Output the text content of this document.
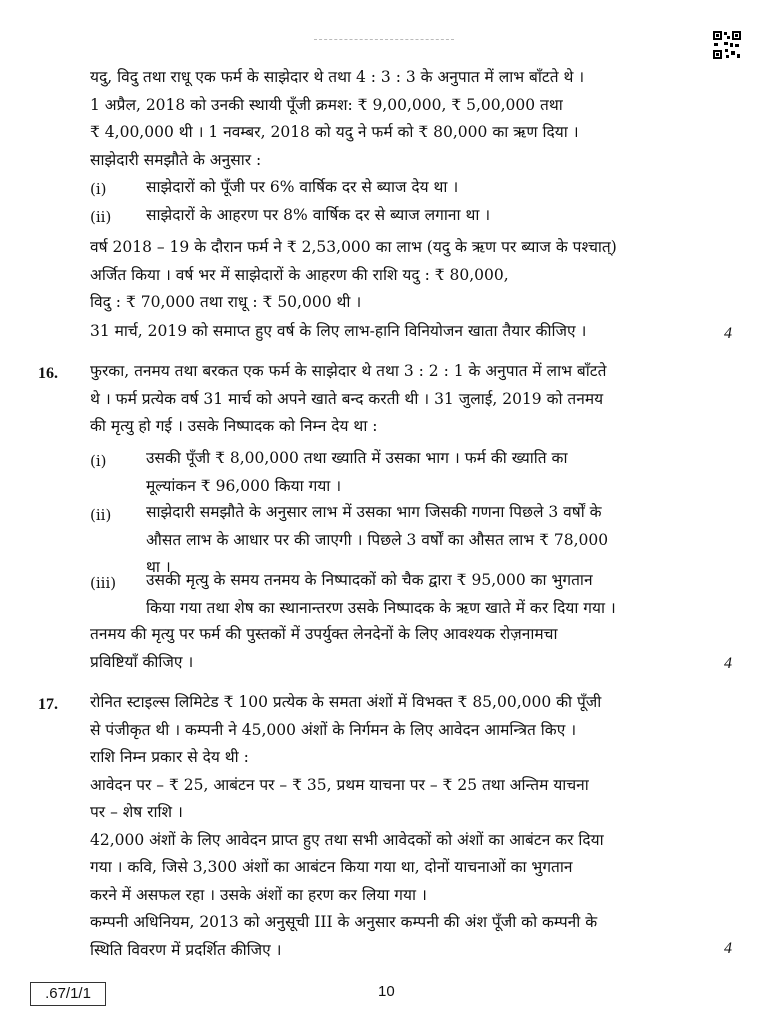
यदु, विदु तथा राधू एक फर्म के साझेदार थे तथा 4 : 3 : 3 के अनुपात में लाभ बाँटते थे ।
1 अप्रैल, 2018 को उनकी स्थायी पूँजी क्रमश: ₹ 9,00,000, ₹ 5,00,000 तथा
₹ 4,00,000 थी । 1 नवम्बर, 2018 को यदु ने फर्म को ₹ 80,000 का ऋण दिया ।
साझेदारी समझौते के अनुसार :
(i)	साझेदारों को पूँजी पर 6% वार्षिक दर से ब्याज देय था ।
(ii) साझेदारों के आहरण पर 8% वार्षिक दर से ब्याज लगाना था ।
वर्ष 2018 – 19 के दौरान फर्म ने ₹ 2,53,000 का लाभ (यदु के ऋण पर ब्याज के पश्चात्)
अर्जित किया । वर्ष भर में साझेदारों के आहरण की राशि यदु : ₹ 80,000,
विदु : ₹ 70,000 तथा राधू : ₹ 50,000 थी ।
31 मार्च, 2019 को समाप्त हुए वर्ष के लिए लाभ-हानि विनियोजन खाता तैयार कीजिए ।	4
16. फुरका, तनमय तथा बरकत एक फर्म के साझेदार थे तथा 3 : 2 : 1 के अनुपात में लाभ बाँटते
थे । फर्म प्रत्येक वर्ष 31 मार्च को अपने खाते बन्द करती थी । 31 जुलाई, 2019 को तनमय
की मृत्यु हो गई । उसके निष्पादक को निम्न देय था :
(i)	उसकी पूँजी ₹ 8,00,000 तथा ख्याति में उसका भाग । फर्म की ख्याति का
मूल्यांकन ₹ 96,000 किया गया ।
(ii) साझेदारी समझौते के अनुसार लाभ में उसका भाग जिसकी गणना पिछले 3 वर्षों के
औसत लाभ के आधार पर की जाएगी । पिछले 3 वर्षों का औसत लाभ ₹ 78,000
था ।
(iii) उसकी मृत्यु के समय तनमय के निष्पादकों को चैक द्वारा ₹ 95,000 का भुगतान
किया गया तथा शेष का स्थानान्तरण उसके निष्पादक के ऋण खाते में कर दिया गया ।
तनमय की मृत्यु पर फर्म की पुस्तकों में उपर्युक्त लेनदेनों के लिए आवश्यक रोज़नामचा
प्रविष्टियाँ कीजिए ।	4
17. रोनित स्टाइल्स लिमिटेड ₹ 100 प्रत्येक के समता अंशों में विभक्त ₹ 85,00,000 की पूँजी
से पंजीकृत थी । कम्पनी ने 45,000 अंशों के निर्गमन के लिए आवेदन आमन्त्रित किए ।
राशि निम्न प्रकार से देय थी :
आवेदन पर – ₹ 25, आबंटन पर – ₹ 35, प्रथम याचना पर – ₹ 25 तथा अन्तिम याचना
पर – शेष राशि ।
42,000 अंशों के लिए आवेदन प्राप्त हुए तथा सभी आवेदकों को अंशों का आबंटन कर दिया
गया । कवि, जिसे 3,300 अंशों का आबंटन किया गया था, दोनों याचनाओं का भुगतान
करने में असफल रहा । उसके अंशों का हरण कर लिया गया ।
कम्पनी अधिनियम, 2013 को अनुसूची III के अनुसार कम्पनी की अंश पूँजी को कम्पनी के
स्थिति विवरण में प्रदर्शित कीजिए ।	4
.67/1/1	10
